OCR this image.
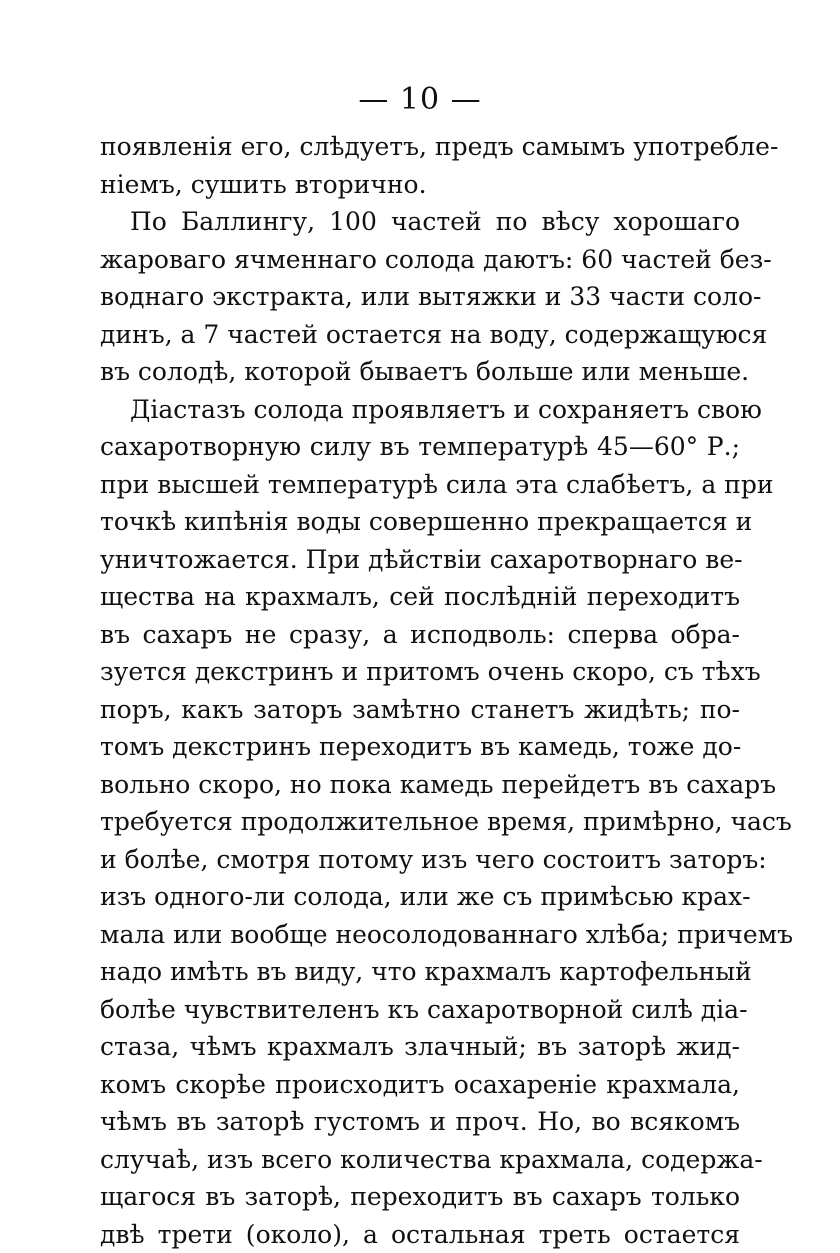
— 10 —
появленія его, слѣдуетъ, предъ самымъ употребле-
ніемъ, сушить вторично.
По Баллингу, 100 частей по вѣсу хорошаго
жароваго ячменнаго солода даютъ: 60 частей без-
воднаго экстракта, или вытяжки и 33 части соло-
динъ, а 7 частей остается на воду, содержащуюся
въ солодѣ, которой бываетъ больше или меньше.
Діастазъ солода проявляетъ и сохраняетъ свою
сахаротворную силу въ температурѣ 45—60° Р.;
при высшей температурѣ сила эта слабѣетъ, а при
точкѣ кипѣнія воды совершенно прекращается и
уничтожается. При дѣйствіи сахаротворнаго ве-
щества на крахмалъ, сей послѣдній переходитъ
въ сахаръ не сразу, а исподволь: сперва обра-
зуется декстринъ и притомъ очень скоро, съ тѣхъ
поръ, какъ заторъ замѣтно станетъ жидѣть; по-
томъ декстринъ переходитъ въ камедь, тоже до-
вольно скоро, но пока камедь перейдетъ въ сахаръ
требуется продолжительное время, примѣрно, часъ
и болѣе, смотря потому изъ чего состоитъ заторъ:
изъ одного-ли солода, или же съ примѣсью крах-
мала или вообще неосолодованнаго хлѣба; причемъ
надо имѣть въ виду, что крахмалъ картофельный
болѣе чувствителенъ къ сахаротворной силѣ діа-
стаза, чѣмъ крахмалъ злачный; въ заторѣ жид-
комъ скорѣе происходитъ осахареніе крахмала,
чѣмъ въ заторѣ густомъ и проч. Но, во всякомъ
случаѣ, изъ всего количества крахмала, содержа-
щагося въ заторѣ, переходитъ въ сахаръ только
двѣ трети (около), а остальная треть остается
